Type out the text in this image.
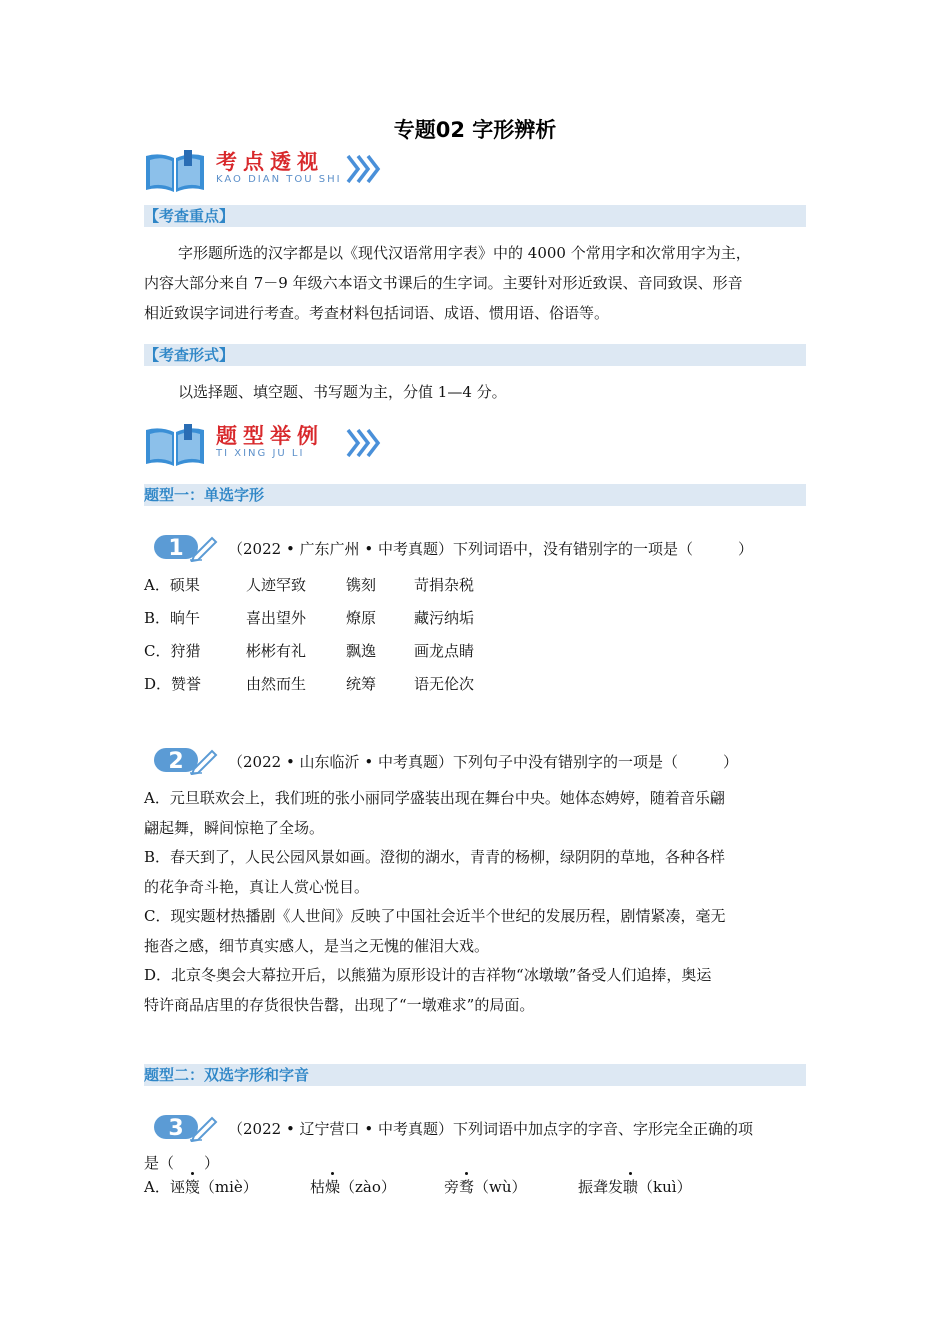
专题02 字形辨析
考点透视
KAO DIAN TOU SHI
【考查重点】
字形题所选的汉字都是以《现代汉语常用字表》中的 4000 个常用字和次常用字为主，
内容大部分来自 7－9 年级六本语文书课后的生字词。主要针对形近致误、音同致误、形音
相近致误字词进行考查。考查材料包括词语、成语、惯用语、俗语等。
【考查形式】
以选择题、填空题、书写题为主，分值 1—4 分。
题型举例
TI XING JU LI
题型一：单选字形
1	（2022 • 广东广州 • 中考真题）下列词语中，没有错别字的一项是（　　　）
A．硕果	人迹罕致	镌刻	苛捐杂税
B．晌午	喜出望外	燎原	藏污纳垢
C．狩猎	彬彬有礼	飘逸	画龙点睛
D．赞誉	由然而生	统筹	语无伦次
2	（2022 • 山东临沂 • 中考真题）下列句子中没有错别字的一项是（　　　）
A．元旦联欢会上，我们班的张小丽同学盛装出现在舞台中央。她体态娉婷，随着音乐翩
翩起舞，瞬间惊艳了全场。
B．春天到了，人民公园风景如画。澄彻的湖水，青青的杨柳，绿阴阴的草地，各种各样
的花争奇斗艳，真让人赏心悦目。
C．现实题材热播剧《人世间》反映了中国社会近半个世纪的发展历程，剧情紧凑，毫无
拖沓之感，细节真实感人，是当之无愧的催泪大戏。
D．北京冬奥会大幕拉开后，以熊猫为原形设计的吉祥物“冰墩墩”备受人们追捧，奥运
特许商品店里的存货很快告罄，出现了“一墩难求”的局面。
题型二：双选字形和字音
3	（2022 • 辽宁营口 • 中考真题）下列词语中加点字的字音、字形完全正确的项
是（　　）
A．诬篾（miè）	枯燥（zào）	旁骛（wù）	振聋发聩（kuì）
